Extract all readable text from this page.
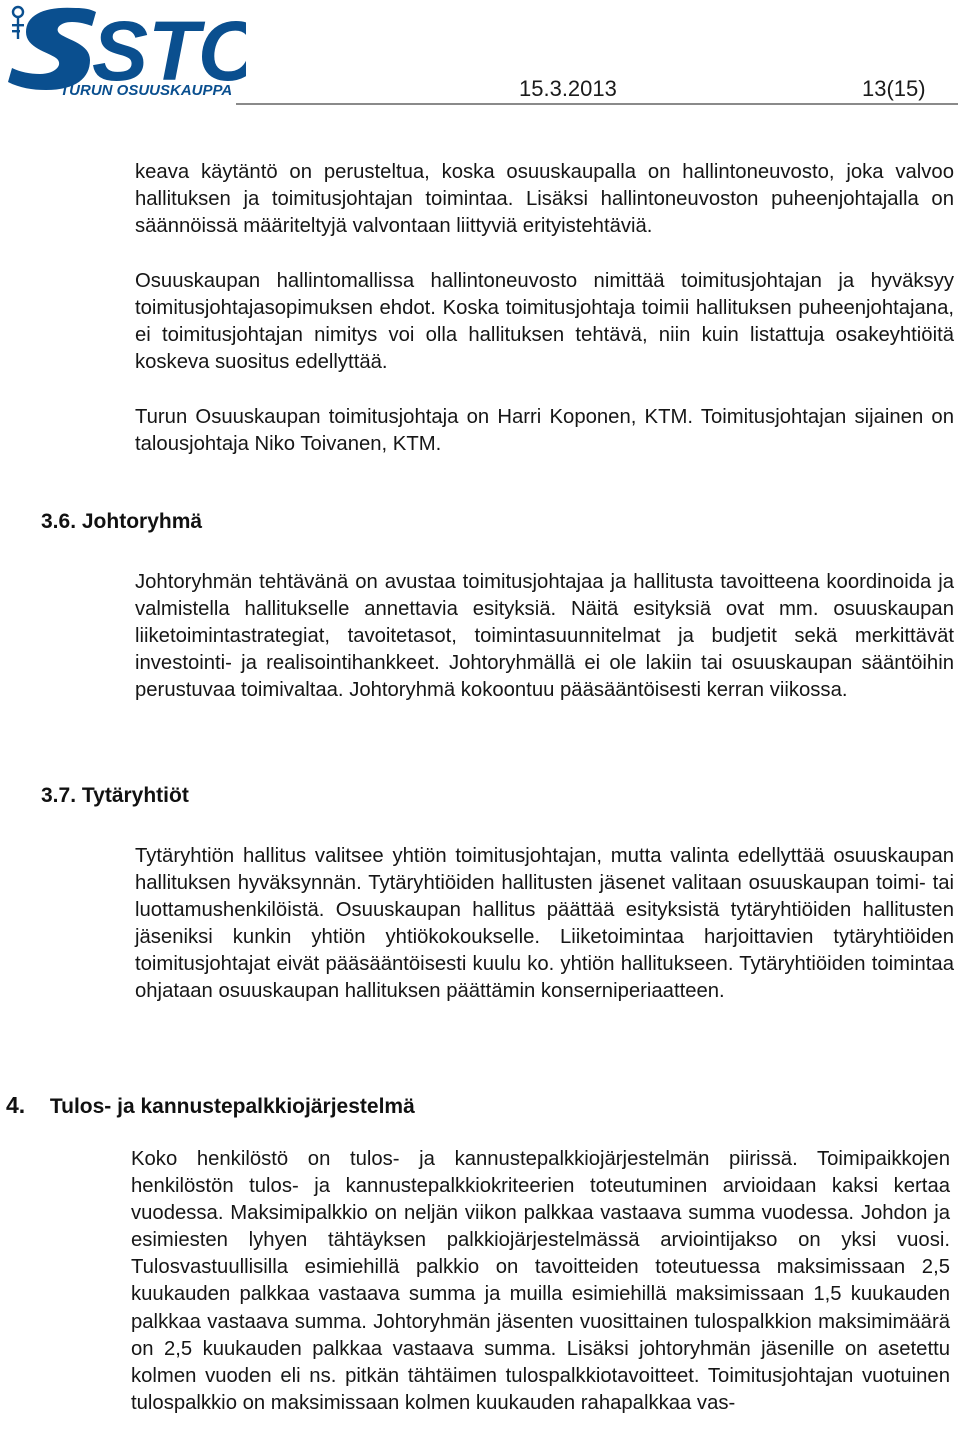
ST
TURUN OSUUSKAUPPA	15.3.2013	13(15)

keava käytäntö on perusteltua, koska osuuskaupalla on hallintoneuvosto, joka valvoo hallituksen ja toimitusjohtajan toimintaa. Lisäksi hallintoneuvoston puheenjohtajalla on säännöissä määriteltyjä valvontaan liittyviä erityistehtäviä.

Osuuskaupan hallintomallissa hallintoneuvosto nimittää toimitusjohtajan ja hyväksyy toimitusjohtajasopimuksen ehdot. Koska toimitusjohtaja toimii hallituksen puheenjohtajana, ei toimitusjohtajan nimitys voi olla hallituksen tehtävä, niin kuin listattuja osakeyhtiöitä koskeva suositus edellyttää.

Turun Osuuskaupan toimitusjohtaja on Harri Koponen, KTM. Toimitusjohtajan sijainen on talousjohtaja Niko Toivanen, KTM.

3.6. Johtoryhmä

Johtoryhmän tehtävänä on avustaa toimitusjohtajaa ja hallitusta tavoitteena koordinoida ja valmistella hallitukselle annettavia esityksiä. Näitä esityksiä ovat mm. osuuskaupan liiketoimintastrategiat, tavoitetasot, toimintasuunnitelmat ja budjetit sekä merkittävät investointi- ja realisointihankkeet. Johtoryhmällä ei ole lakiin tai osuuskaupan sääntöihin perustuvaa toimivaltaa. Johtoryhmä kokoontuu pääsääntöisesti kerran viikossa.

3.7. Tytäryhtiöt

Tytäryhtiön hallitus valitsee yhtiön toimitusjohtajan, mutta valinta edellyttää osuuskaupan hallituksen hyväksynnän. Tytäryhtiöiden hallitusten jäsenet valitaan osuuskaupan toimi- tai luottamushenkilöistä. Osuuskaupan hallitus päättää esityksistä tytäryhtiöiden hallitusten jäseniksi kunkin yhtiön yhtiökokoukselle. Liiketoimintaa harjoittavien tytäryhtiöiden toimitusjohtajat eivät pääsääntöisesti kuulu ko. yhtiön hallitukseen. Tytäryhtiöiden toimintaa ohjataan osuuskaupan hallituksen päättämin konserniperiaatteen.

4. Tulos- ja kannustepalkkiojärjestelmä

Koko henkilöstö on tulos- ja kannustepalkkiojärjestelmän piirissä. Toimipaikkojen henkilöstön tulos- ja kannustepalkkiokriteerien toteutuminen arvioidaan kaksi kertaa vuodessa. Maksimipalkkio on neljän viikon palkkaa vastaava summa vuodessa. Johdon ja esimiesten lyhyen tähtäyksen palkkiojärjestelmässä arviointijakso on yksi vuosi. Tulosvastuullisilla esimiehillä palkkio on tavoitteiden toteutuessa maksimissaan 2,5 kuukauden palkkaa vastaava summa ja muilla esimiehillä maksimissaan 1,5 kuukauden palkkaa vastaava summa. Johtoryhmän jäsenten vuosittainen tulospalkkion maksimimäärä on 2,5 kuukauden palkkaa vastaava summa. Lisäksi johtoryhmän jäsenille on asetettu kolmen vuoden eli ns. pitkän tähtäimen tulospalkkiotavoitteet. Toimitusjohtajan vuotuinen tulospalkkio on maksimissaan kolmen kuukauden rahapalkkaa vas-
